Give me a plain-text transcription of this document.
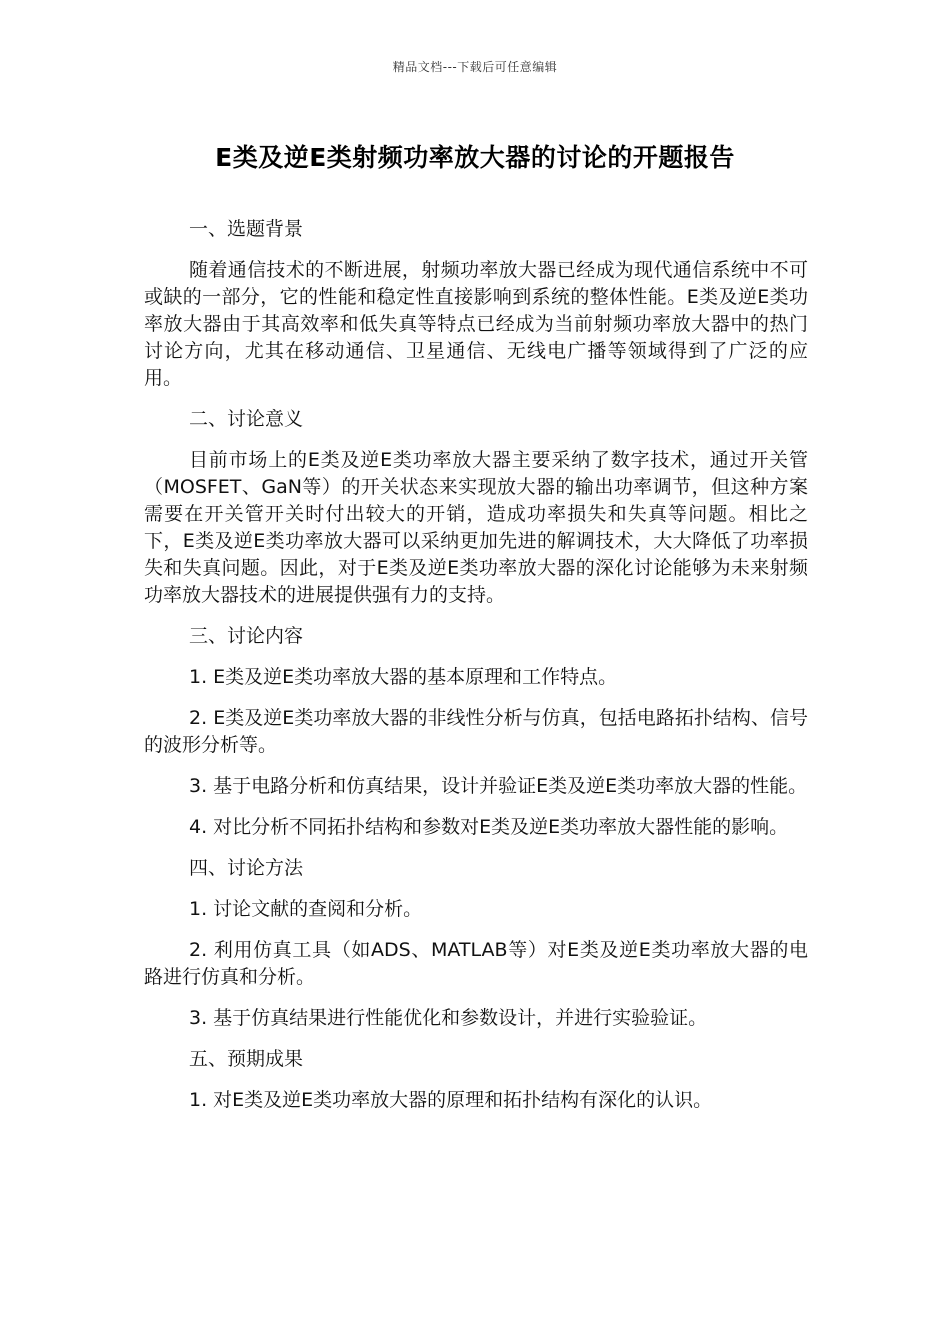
精品文档---下载后可任意编辑
E类及逆E类射频功率放大器的讨论的开题报告

一、选题背景

随着通信技术的不断进展，射频功率放大器已经成为现代通信系统中不可或缺的一部分，它的性能和稳定性直接影响到系统的整体性能。E类及逆E类功率放大器由于其高效率和低失真等特点已经成为当前射频功率放大器中的热门讨论方向，尤其在移动通信、卫星通信、无线电广播等领域得到了广泛的应用。

二、讨论意义

目前市场上的E类及逆E类功率放大器主要采纳了数字技术，通过开关管（MOSFET、GaN等）的开关状态来实现放大器的输出功率调节，但这种方案需要在开关管开关时付出较大的开销，造成功率损失和失真等问题。相比之下，E类及逆E类功率放大器可以采纳更加先进的解调技术，大大降低了功率损失和失真问题。因此，对于E类及逆E类功率放大器的深化讨论能够为未来射频功率放大器技术的进展提供强有力的支持。

三、讨论内容

1. E类及逆E类功率放大器的基本原理和工作特点。

2. E类及逆E类功率放大器的非线性分析与仿真，包括电路拓扑结构、信号的波形分析等。

3. 基于电路分析和仿真结果，设计并验证E类及逆E类功率放大器的性能。

4. 对比分析不同拓扑结构和参数对E类及逆E类功率放大器性能的影响。

四、讨论方法

1. 讨论文献的查阅和分析。

2. 利用仿真工具（如ADS、MATLAB等）对E类及逆E类功率放大器的电路进行仿真和分析。

3. 基于仿真结果进行性能优化和参数设计，并进行实验验证。

五、预期成果

1. 对E类及逆E类功率放大器的原理和拓扑结构有深化的认识。
